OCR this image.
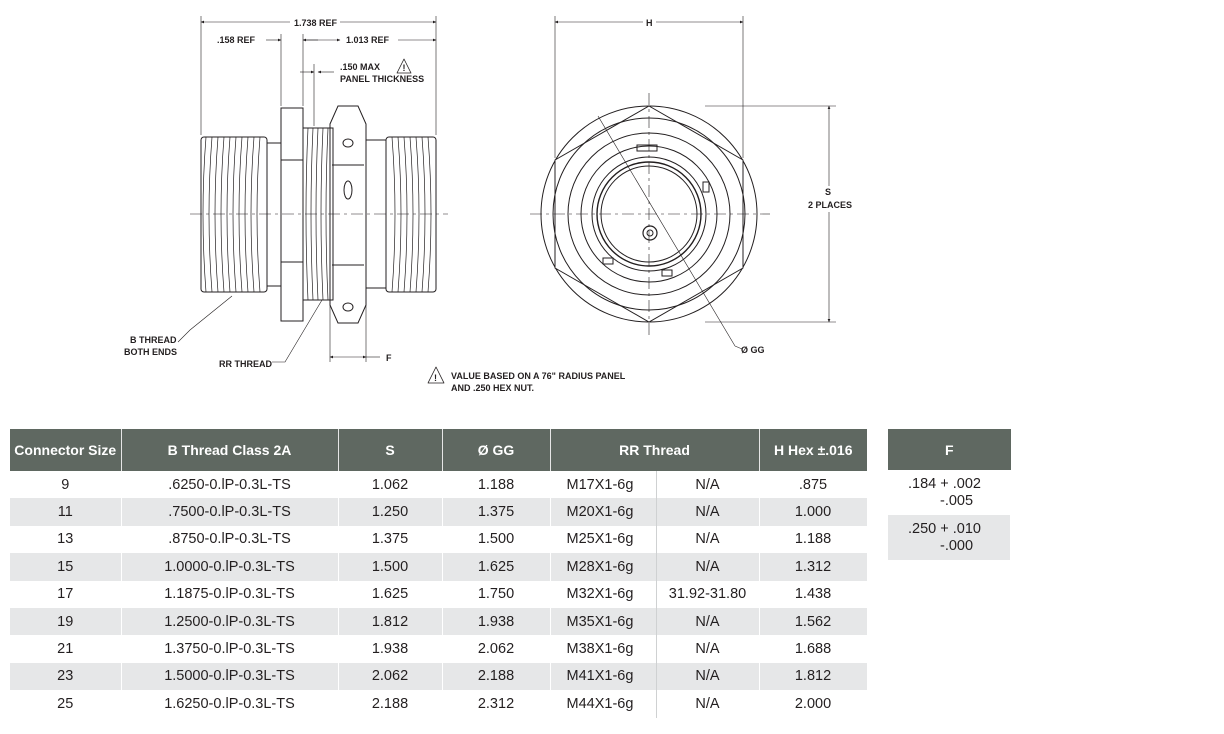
1.738 REF
.158 REF	1.013 REF
.150 MAX
PANEL THICKNESS
!
F
B THREAD
BOTH ENDS
RR THREAD
H
S
2 PLACES
Ø GG
! VALUE BASED ON A 76" RADIUS PANEL
AND .250 HEX NUT.
Connector Size	B Thread Class 2A	S	Ø GG	RR Thread		H Hex ±.016
9	.6250-0.lP-0.3L-TS	1.062	1.188	M17X1-6g	N/A	.875
11	.7500-0.lP-0.3L-TS	1.250	1.375	M20X1-6g	N/A	1.000
13	.8750-0.lP-0.3L-TS	1.375	1.500	M25X1-6g	N/A	1.188
15	1.0000-0.lP-0.3L-TS	1.500	1.625	M28X1-6g	N/A	1.312
17	1.1875-0.lP-0.3L-TS	1.625	1.750	M32X1-6g	31.92-31.80	1.438
19	1.2500-0.lP-0.3L-TS	1.812	1.938	M35X1-6g	N/A	1.562
21	1.3750-0.lP-0.3L-TS	1.938	2.062	M38X1-6g	N/A	1.688
23	1.5000-0.lP-0.3L-TS	2.062	2.188	M41X1-6g	N/A	1.812
25	1.6250-0.lP-0.3L-TS	2.188	2.312	M44X1-6g	N/A	2.000
F

.184 + .002
-.005

.250 + .010
-.000
